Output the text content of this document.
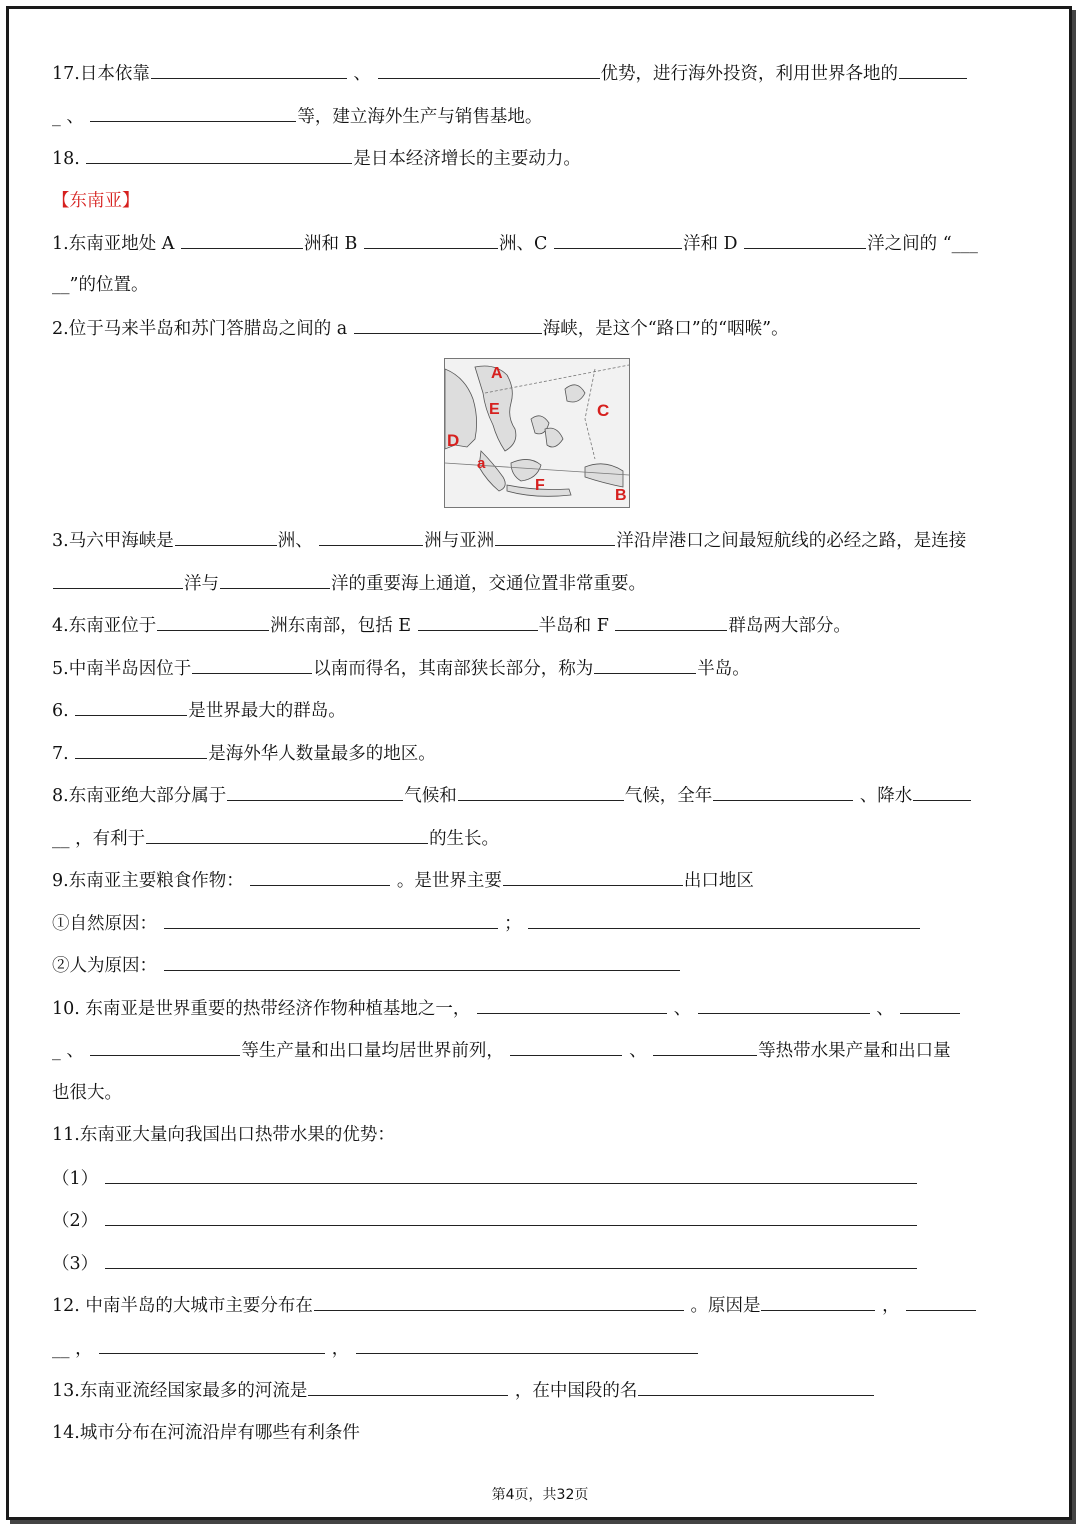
17.日本依靠	、	优势，进行海外投资，利用世界各地的
_ 、	等，建立海外生产与销售基地。
18.	是日本经济增长的主要动力。
【东南亚】
1.东南亚地处 A	洲和 B	洲、C	洋和 D	洋之间的 “___
__”的位置。
2.位于马来半岛和苏门答腊岛之间的 a	海峡，是这个“路口”的“咽喉”。
A
E	C
D
a
F
B
3.马六甲海峡是	洲、	洲与亚洲	洋沿岸港口之间最短航线的必经之路，是连接
洋与	洋的重要海上通道，交通位置非常重要。
4.东南亚位于	洲东南部，包括 E	半岛和 F	群岛两大部分。
5.中南半岛因位于	以南而得名，其南部狭长部分，称为	半岛。
6.	是世界最大的群岛。
7.	是海外华人数量最多的地区。
8.东南亚绝大部分属于	气候和	气候，全年	、降水
__ ，有利于	的生长。
9.东南亚主要粮食作物：	。是世界主要	出口地区
①自然原因：	；
②人为原因：
10. 东南亚是世界重要的热带经济作物种植基地之一，	、	、
_ 、	等生产量和出口量均居世界前列，	、	等热带水果产量和出口量
也很大。
11.东南亚大量向我国出口热带水果的优势：
（1）
（2）
（3）
12. 中南半岛的大城市主要分布在	。原因是	，
__ ，	，
13.东南亚流经国家最多的河流是	，在中国段的名
14.城市分布在河流沿岸有哪些有利条件
第4页，共32页
